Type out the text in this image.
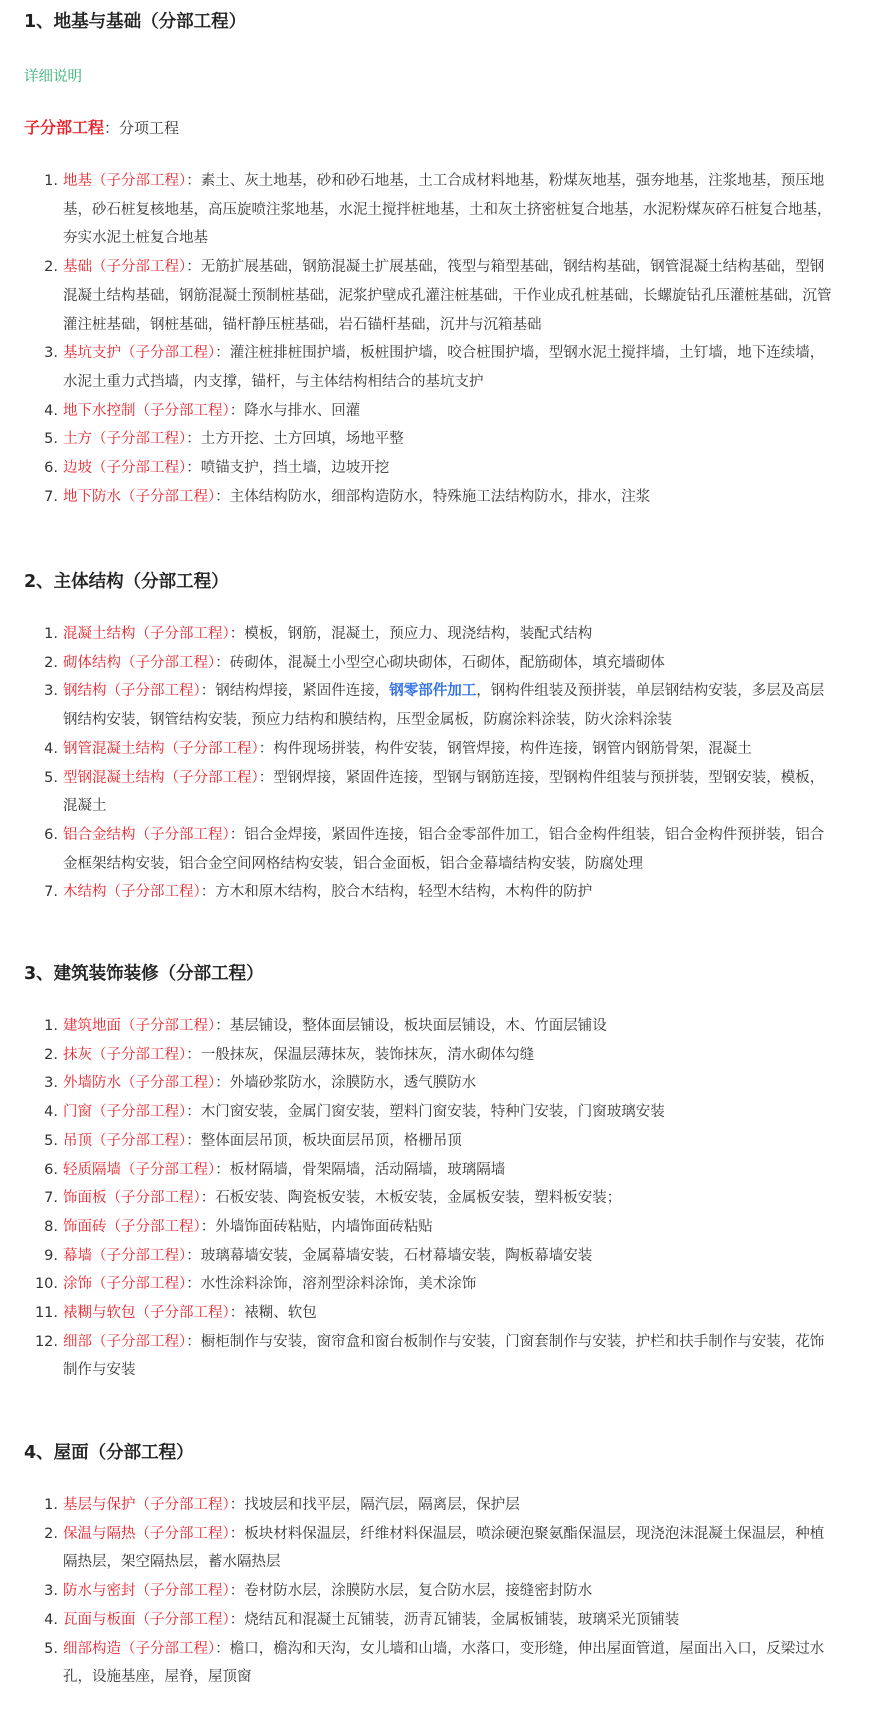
1、地基与基础（分部工程）
详细说明

子分部工程：分项工程

1. 地基（子分部工程）：素土、灰土地基，砂和砂石地基，土工合成材料地基，粉煤灰地基，强夯地基，注浆地基，预压地基，砂石桩复核地基，高压旋喷注浆地基，水泥土搅拌桩地基，土和灰土挤密桩复合地基，水泥粉煤灰碎石桩复合地基，夯实水泥土桩复合地基
2. 基础（子分部工程）：无筋扩展基础，钢筋混凝土扩展基础，筏型与箱型基础，钢结构基础，钢管混凝土结构基础，型钢混凝土结构基础，钢筋混凝土预制桩基础，泥浆护壁成孔灌注桩基础，干作业成孔桩基础，长螺旋钻孔压灌桩基础，沉管灌注桩基础，钢桩基础，锚杆静压桩基础，岩石锚杆基础，沉井与沉箱基础
3. 基坑支护（子分部工程）：灌注桩排桩围护墙，板桩围护墙，咬合桩围护墙，型钢水泥土搅拌墙，土钉墙，地下连续墙，水泥土重力式挡墙，内支撑，锚杆，与主体结构相结合的基坑支护
4. 地下水控制（子分部工程）：降水与排水、回灌
5. 土方（子分部工程）：土方开挖、土方回填，场地平整
6. 边坡（子分部工程）：喷锚支护，挡土墙，边坡开挖
7. 地下防水（子分部工程）：主体结构防水，细部构造防水，特殊施工法结构防水，排水，注浆
2、主体结构（分部工程）
1. 混凝土结构（子分部工程）：模板，钢筋，混凝土，预应力、现浇结构，装配式结构
2. 砌体结构（子分部工程）：砖砌体，混凝土小型空心砌块砌体，石砌体，配筋砌体，填充墙砌体
3. 钢结构（子分部工程）：钢结构焊接，紧固件连接，钢零部件加工，钢构件组装及预拼装，单层钢结构安装，多层及高层钢结构安装，钢管结构安装，预应力结构和膜结构，压型金属板，防腐涂料涂装，防火涂料涂装
4. 钢管混凝土结构（子分部工程）：构件现场拼装，构件安装，钢管焊接，构件连接，钢管内钢筋骨架，混凝土
5. 型钢混凝土结构（子分部工程）：型钢焊接，紧固件连接，型钢与钢筋连接，型钢构件组装与预拼装，型钢安装，模板，混凝土
6. 铝合金结构（子分部工程）：铝合金焊接，紧固件连接，铝合金零部件加工，铝合金构件组装，铝合金构件预拼装，铝合金框架结构安装，铝合金空间网格结构安装，铝合金面板，铝合金幕墙结构安装，防腐处理
7. 木结构（子分部工程）：方木和原木结构，胶合木结构，轻型木结构，木构件的防护
3、建筑装饰装修（分部工程）
1. 建筑地面（子分部工程）：基层铺设，整体面层铺设，板块面层铺设，木、竹面层铺设
2. 抹灰（子分部工程）：一般抹灰，保温层薄抹灰，装饰抹灰，清水砌体勾缝
3. 外墙防水（子分部工程）：外墙砂浆防水，涂膜防水，透气膜防水
4. 门窗（子分部工程）：木门窗安装，金属门窗安装，塑料门窗安装，特种门安装，门窗玻璃安装
5. 吊顶（子分部工程）：整体面层吊顶，板块面层吊顶，格栅吊顶
6. 轻质隔墙（子分部工程）：板材隔墙，骨架隔墙，活动隔墙，玻璃隔墙
7. 饰面板（子分部工程）：石板安装、陶瓷板安装，木板安装，金属板安装，塑料板安装；
8. 饰面砖（子分部工程）：外墙饰面砖粘贴，内墙饰面砖粘贴
9. 幕墙（子分部工程）：玻璃幕墙安装，金属幕墙安装，石材幕墙安装，陶板幕墙安装
10. 涂饰（子分部工程）：水性涂料涂饰，溶剂型涂料涂饰，美术涂饰
11. 裱糊与软包（子分部工程）：裱糊、软包
12. 细部（子分部工程）：橱柜制作与安装，窗帘盒和窗台板制作与安装，门窗套制作与安装，护栏和扶手制作与安装，花饰制作与安装
4、屋面（分部工程）
1. 基层与保护（子分部工程）：找坡层和找平层，隔汽层，隔离层，保护层
2. 保温与隔热（子分部工程）：板块材料保温层，纤维材料保温层，喷涂硬泡聚氨酯保温层，现浇泡沫混凝土保温层，种植隔热层，架空隔热层，蓄水隔热层
3. 防水与密封（子分部工程）：卷材防水层，涂膜防水层，复合防水层，接缝密封防水
4. 瓦面与板面（子分部工程）：烧结瓦和混凝土瓦铺装，沥青瓦铺装，金属板铺装，玻璃采光顶铺装
5. 细部构造（子分部工程）：檐口，檐沟和天沟，女儿墙和山墙，水落口，变形缝，伸出屋面管道，屋面出入口，反梁过水孔，设施基座，屋脊，屋顶窗
